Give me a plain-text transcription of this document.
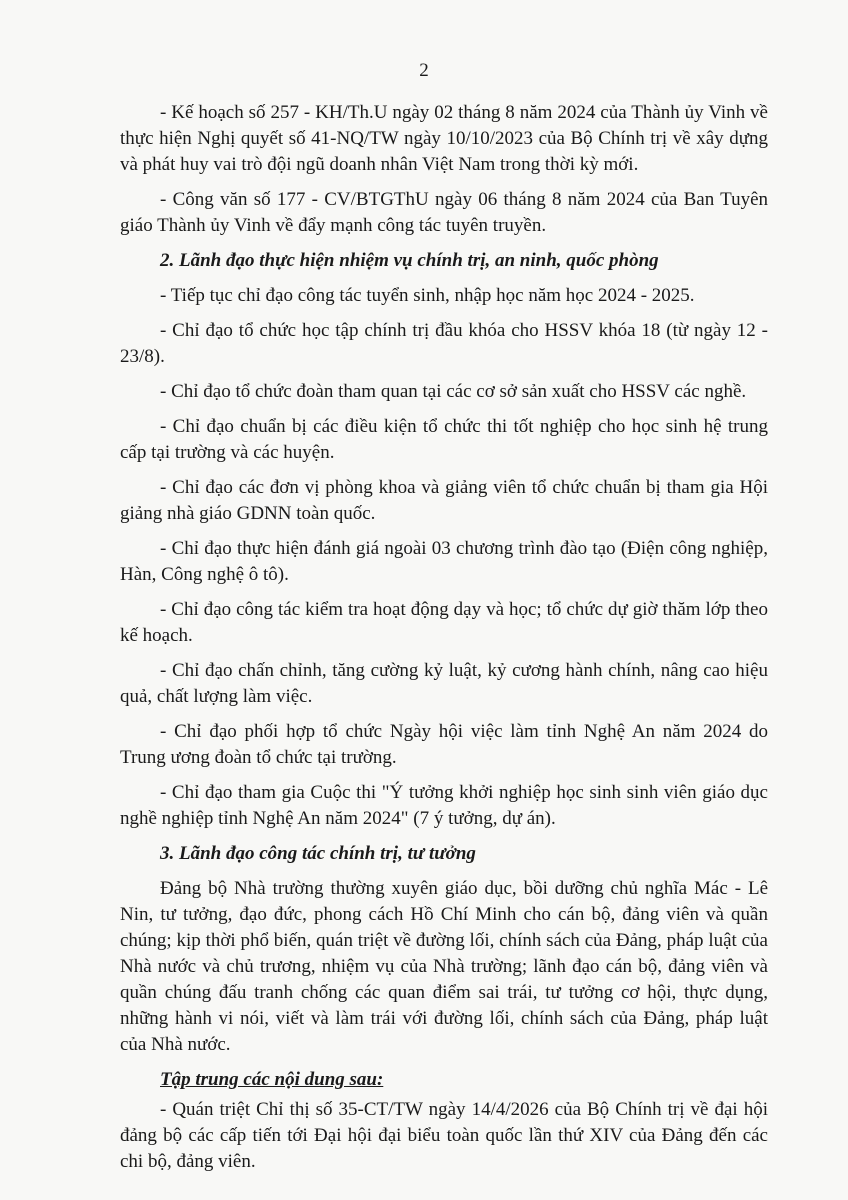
2

- Kế hoạch số 257 - KH/Th.U ngày 02 tháng 8 năm 2024 của Thành ủy Vinh về thực hiện Nghị quyết số 41-NQ/TW ngày 10/10/2023 của Bộ Chính trị về xây dựng và phát huy vai trò đội ngũ doanh nhân Việt Nam trong thời kỳ mới.

- Công văn số 177 - CV/BTGThU ngày 06 tháng 8 năm 2024 của Ban Tuyên giáo Thành ủy Vinh về đẩy mạnh công tác tuyên truyền.

2. Lãnh đạo thực hiện nhiệm vụ chính trị, an ninh, quốc phòng

- Tiếp tục chỉ đạo công tác tuyển sinh, nhập học năm học 2024 - 2025.

- Chỉ đạo tổ chức học tập chính trị đầu khóa cho HSSV khóa 18 (từ ngày 12 - 23/8).

- Chỉ đạo tổ chức đoàn tham quan tại các cơ sở sản xuất cho HSSV các nghề.

- Chỉ đạo chuẩn bị các điều kiện tổ chức thi tốt nghiệp cho học sinh hệ trung cấp tại trường và các huyện.

- Chỉ đạo các đơn vị phòng khoa và giảng viên tổ chức chuẩn bị tham gia Hội giảng nhà giáo GDNN toàn quốc.

- Chỉ đạo thực hiện đánh giá ngoài 03 chương trình đào tạo (Điện công nghiệp, Hàn, Công nghệ ô tô).

- Chỉ đạo công tác kiểm tra hoạt động dạy và học; tổ chức dự giờ thăm lớp theo kế hoạch.

- Chỉ đạo chấn chỉnh, tăng cường kỷ luật, kỷ cương hành chính, nâng cao hiệu quả, chất lượng làm việc.

- Chỉ đạo phối hợp tổ chức Ngày hội việc làm tỉnh Nghệ An năm 2024 do Trung ương đoàn tổ chức tại trường.

- Chỉ đạo tham gia Cuộc thi "Ý tưởng khởi nghiệp học sinh sinh viên giáo dục nghề nghiệp tỉnh Nghệ An năm 2024" (7 ý tưởng, dự án).

3. Lãnh đạo công tác chính trị, tư tưởng

Đảng bộ Nhà trường thường xuyên giáo dục, bồi dưỡng chủ nghĩa Mác - Lê Nin, tư tưởng, đạo đức, phong cách Hồ Chí Minh cho cán bộ, đảng viên và quần chúng; kịp thời phổ biến, quán triệt về đường lối, chính sách của Đảng, pháp luật của Nhà nước và chủ trương, nhiệm vụ của Nhà trường; lãnh đạo cán bộ, đảng viên và quần chúng đấu tranh chống các quan điểm sai trái, tư tưởng cơ hội, thực dụng, những hành vi nói, viết và làm trái với đường lối, chính sách của Đảng, pháp luật của Nhà nước.

Tập trung các nội dung sau:

- Quán triệt Chỉ thị số 35-CT/TW ngày 14/4/2026 của Bộ Chính trị về đại hội đảng bộ các cấp tiến tới Đại hội đại biểu toàn quốc lần thứ XIV của Đảng đến các chi bộ, đảng viên.
